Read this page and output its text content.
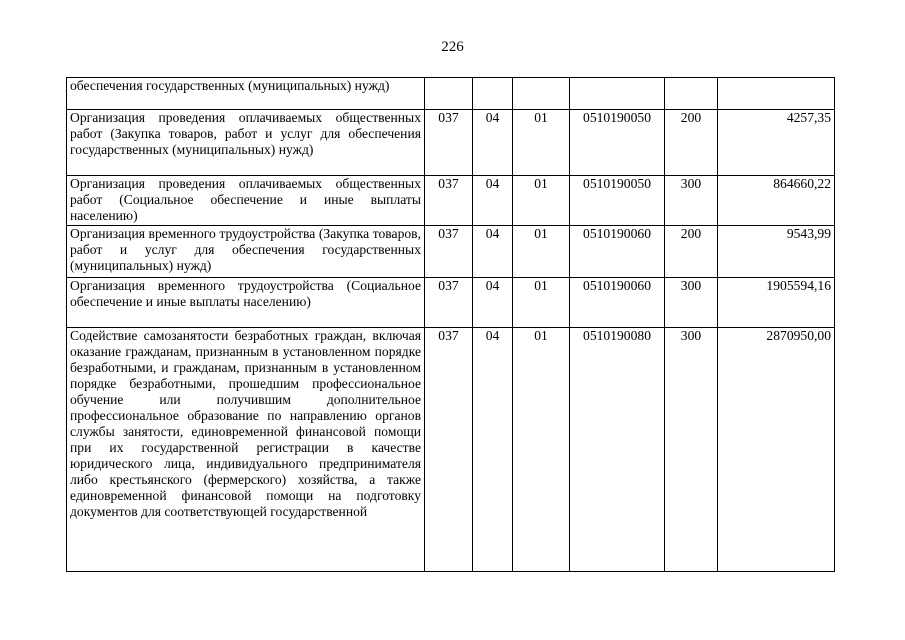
226
обеспечения государственных (муниципальных) нужд)						
Организация проведения оплачиваемых общественных работ (Закупка товаров, работ и услуг для обеспечения государственных (муниципальных) нужд)	037	04	01	0510190050	200	4257,35
Организация проведения оплачиваемых общественных работ (Социальное обеспечение и иные выплаты населению)	037	04	01	0510190050	300	864660,22
Организация временного трудоустройства (Закупка товаров, работ и услуг для обеспечения государственных (муниципальных) нужд)	037	04	01	0510190060	200	9543,99
Организация временного трудоустройства (Социальное обеспечение и иные выплаты населению)	037	04	01	0510190060	300	1905594,16
Содействие самозанятости безработных граждан, включая оказание гражданам, признанным в установленном порядке безработными, и гражданам, признанным в установленном порядке безработными, прошедшим профессиональное обучение или получившим дополнительное профессиональное образование по направлению органов службы занятости, единовременной финансовой помощи при их государственной регистрации в качестве юридического лица, индивидуального предпринимателя либо крестьянского (фермерского) хозяйства, а также единовременной финансовой помощи на подготовку документов для соответствующей государственной	037	04	01	0510190080	300	2870950,00
